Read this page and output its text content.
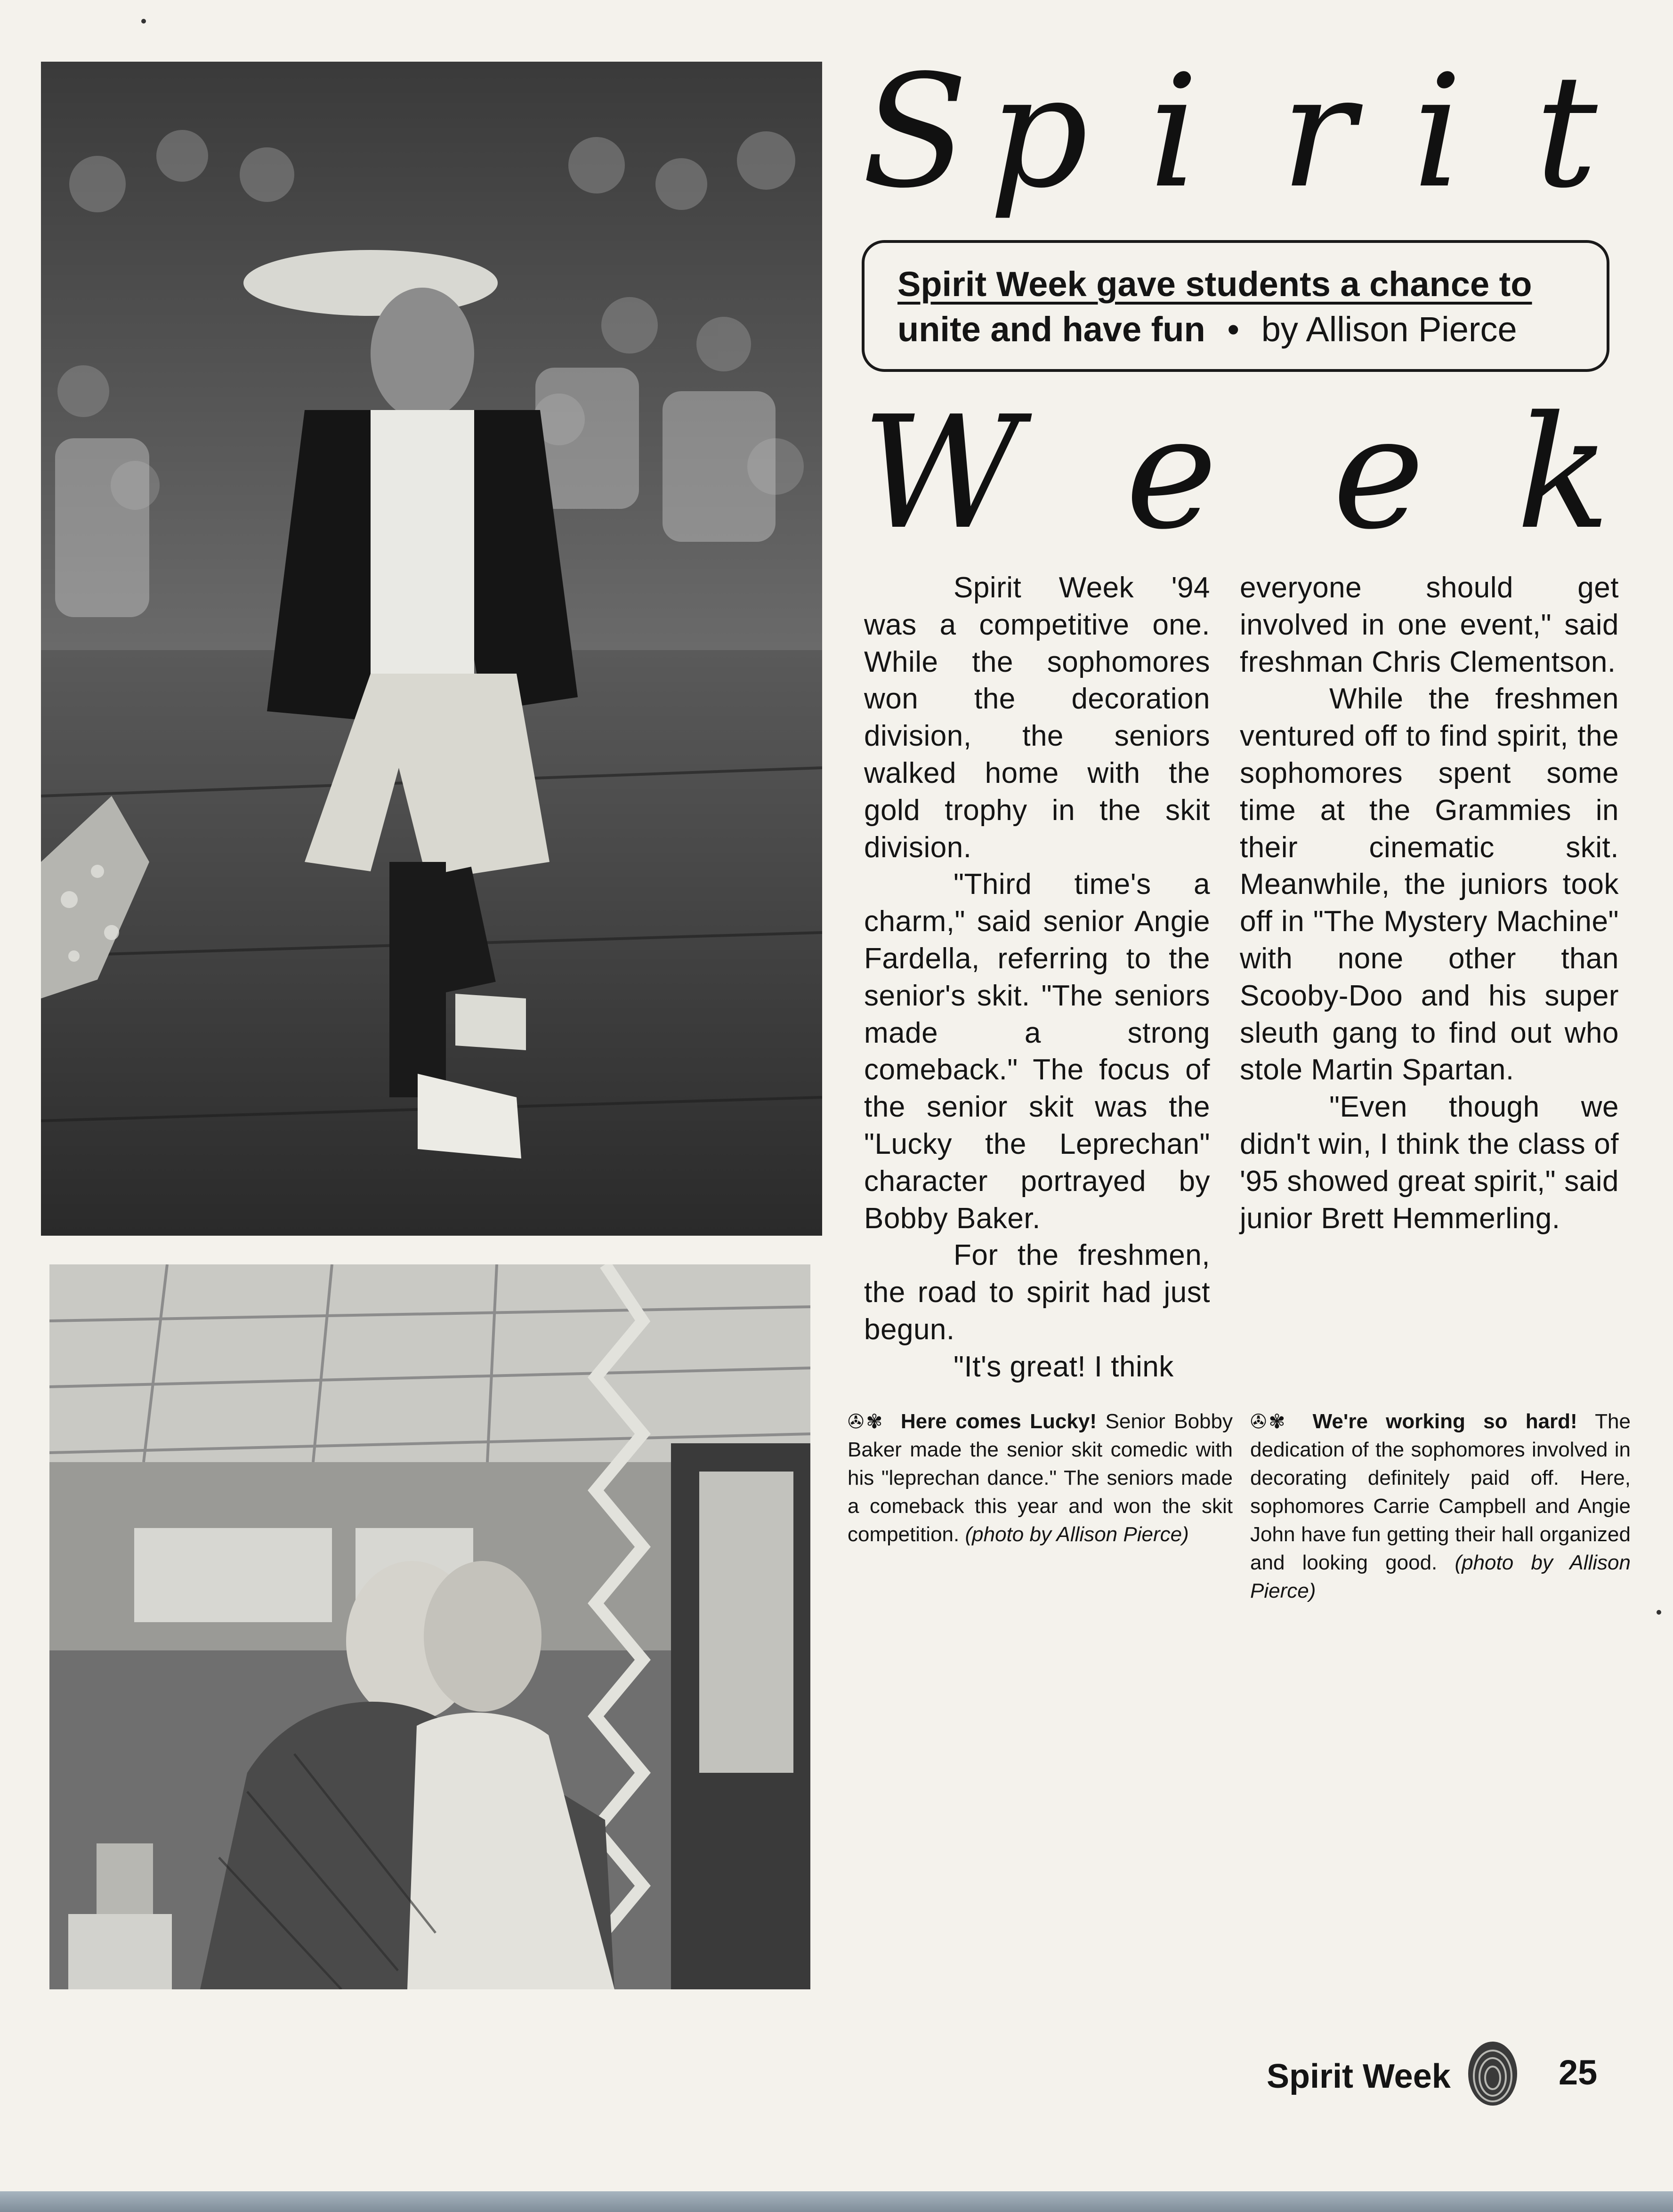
S p i r i t
Spirit Week gave students a chance to
unite and have fun • by Allison Pierce
W e e k

Spirit Week '94 was a competitive one. While the sophomores won the decoration division, the seniors walked home with the gold trophy in the skit division.

"Third time's a charm," said senior Angie Fardella, referring to the senior's skit. "The seniors made a strong comeback." The focus of the senior skit was the "Lucky the Leprechan" character portrayed by Bobby Baker.

For the freshmen, the road to spirit had just begun.

"It's great! I think

everyone should get involved in one event," said freshman Chris Clementson.

While the freshmen ventured off to find spirit, the sophomores spent some time at the Grammies in their cinematic skit. Meanwhile, the juniors took off in "The Mystery Machine" with none other than Scooby-Doo and his super sleuth gang to find out who stole Martin Spartan.

"Even though we didn't win, I think the class of '95 showed great spirit," said junior Brett Hemmerling.

✇✾ Here comes Lucky! Senior Bobby Baker made the senior skit comedic with his "leprechan dance." The seniors made a comeback this year and won the skit competition. (photo by Allison Pierce)
✇✾ We're working so hard! The dedication of the sophomores involved in decorating definitely paid off. Here, sophomores Carrie Campbell and Angie John have fun getting their hall organized and looking good. (photo by Allison Pierce)
Spirit Week	25
